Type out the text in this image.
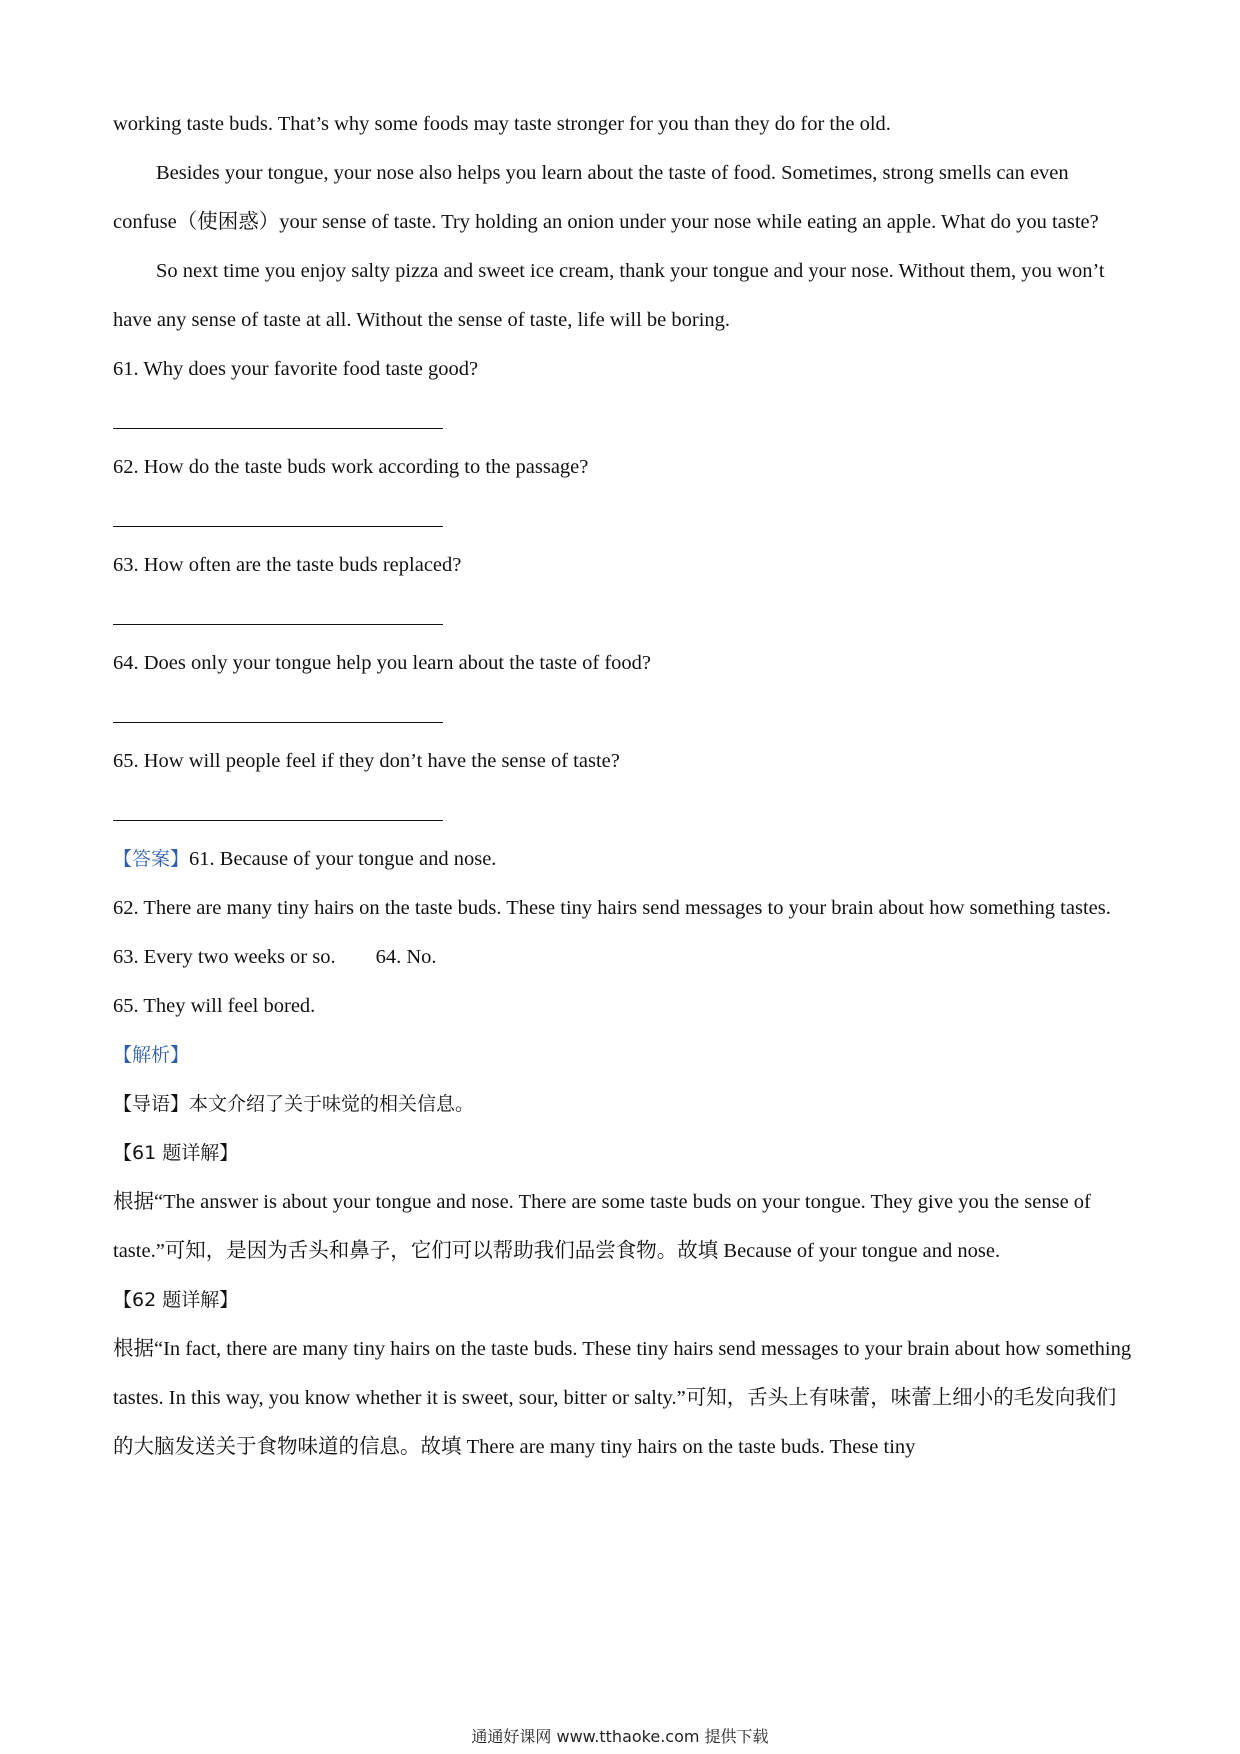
working taste buds. That’s why some foods may taste stronger for you than they do for the old.

Besides your tongue, your nose also helps you learn about the taste of food. Sometimes, strong smells can even confuse（使困惑）your sense of taste. Try holding an onion under your nose while eating an apple. What do you taste?

So next time you enjoy salty pizza and sweet ice cream, thank your tongue and your nose. Without them, you won’t have any sense of taste at all. Without the sense of taste, life will be boring.

61. Why does your favorite food taste good?

62. How do the taste buds work according to the passage?

63. How often are the taste buds replaced?

64. Does only your tongue help you learn about the taste of food?

65. How will people feel if they don’t have the sense of taste?

【答案】61. Because of your tongue and nose.

62. There are many tiny hairs on the taste buds. These tiny hairs send messages to your brain about how something tastes.

63. Every two weeks or so. 64. No.

65. They will feel bored.

【解析】

【导语】本文介绍了关于味觉的相关信息。

【61 题详解】

根据“The answer is about your tongue and nose. There are some taste buds on your tongue. They give you the sense of taste.”可知，是因为舌头和鼻子，它们可以帮助我们品尝食物。故填 Because of your tongue and nose.

【62 题详解】

根据“In fact, there are many tiny hairs on the taste buds. These tiny hairs send messages to your brain about how something tastes. In this way, you know whether it is sweet, sour, bitter or salty.”可知，舌头上有味蕾，味蕾上细小的毛发向我们的大脑发送关于食物味道的信息。故填 There are many tiny hairs on the taste buds. These tiny

通通好课网 www.tthaoke.com 提供下载
